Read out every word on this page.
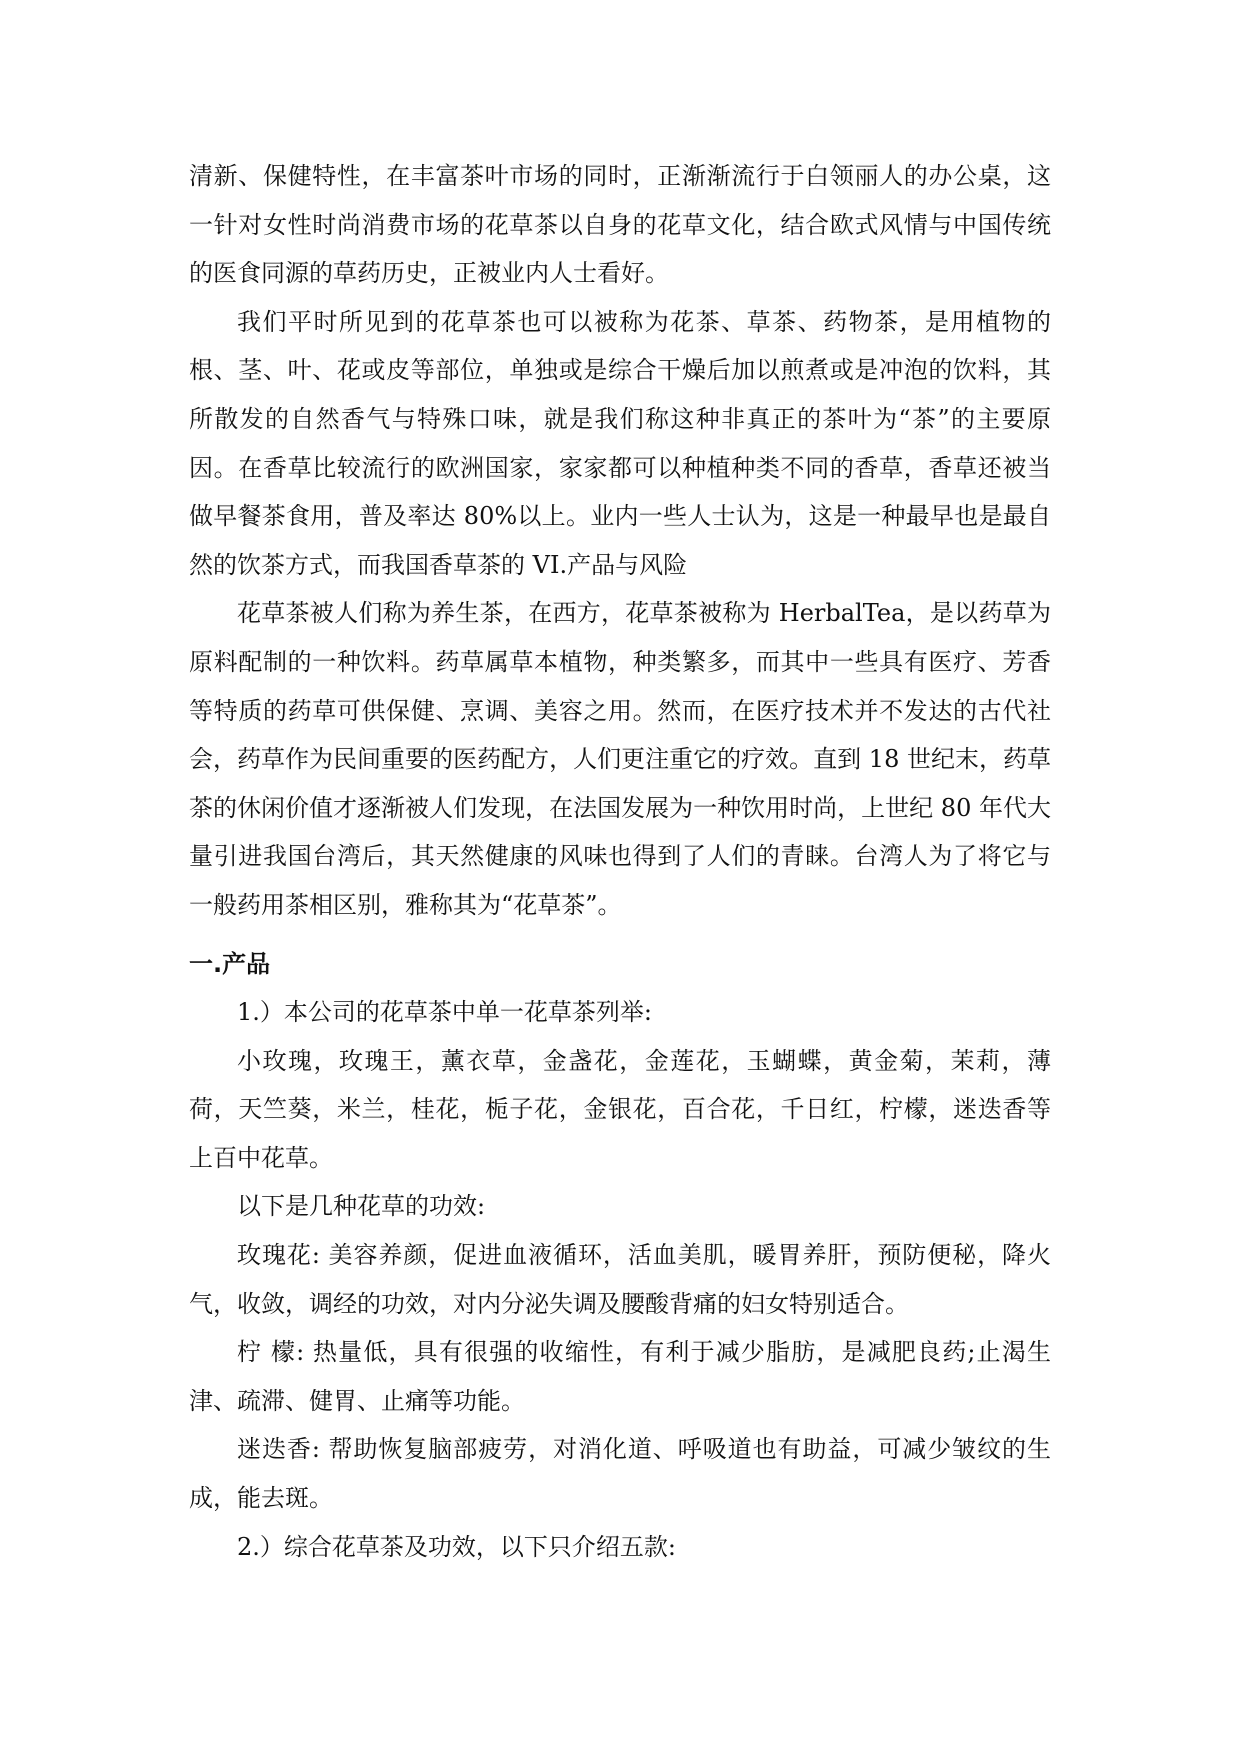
清新、保健特性，在丰富茶叶市场的同时，正渐渐流行于白领丽人的办公桌，这一针对女性时尚消费市场的花草茶以自身的花草文化，结合欧式风情与中国传统的医食同源的草药历史，正被业内人士看好。

我们平时所见到的花草茶也可以被称为花茶、草茶、药物茶，是用植物的根、茎、叶、花或皮等部位，单独或是综合干燥后加以煎煮或是冲泡的饮料，其所散发的自然香气与特殊口味，就是我们称这种非真正的茶叶为“茶”的主要原因。在香草比较流行的欧洲国家，家家都可以种植种类不同的香草，香草还被当做早餐茶食用，普及率达 80%以上。业内一些人士认为，这是一种最早也是最自然的饮茶方式，而我国香草茶的 VI.产品与风险

花草茶被人们称为养生茶，在西方，花草茶被称为 HerbalTea，是以药草为原料配制的一种饮料。药草属草本植物，种类繁多，而其中一些具有医疗、芳香等特质的药草可供保健、烹调、美容之用。然而，在医疗技术并不发达的古代社会，药草作为民间重要的医药配方，人们更注重它的疗效。直到 18 世纪末，药草茶的休闲价值才逐渐被人们发现，在法国发展为一种饮用时尚，上世纪 80 年代大量引进我国台湾后，其天然健康的风味也得到了人们的青睐。台湾人为了将它与一般药用茶相区别，雅称其为“花草茶”。

一.产品

1.）本公司的花草茶中单一花草茶列举:

小玫瑰，玫瑰王，薰衣草，金盏花，金莲花，玉蝴蝶，黄金菊，茉莉，薄荷，天竺葵，米兰，桂花，栀子花，金银花，百合花，千日红，柠檬，迷迭香等上百中花草。

以下是几种花草的功效:

玫瑰花: 美容养颜，促进血液循环，活血美肌，暖胃养肝，预防便秘，降火气，收敛，调经的功效，对内分泌失调及腰酸背痛的妇女特别适合。

柠 檬: 热量低，具有很强的收缩性，有利于减少脂肪，是减肥良药;止渴生津、疏滞、健胃、止痛等功能。

迷迭香: 帮助恢复脑部疲劳，对消化道、呼吸道也有助益，可减少皱纹的生成，能去斑。

2.）综合花草茶及功效，以下只介绍五款:
